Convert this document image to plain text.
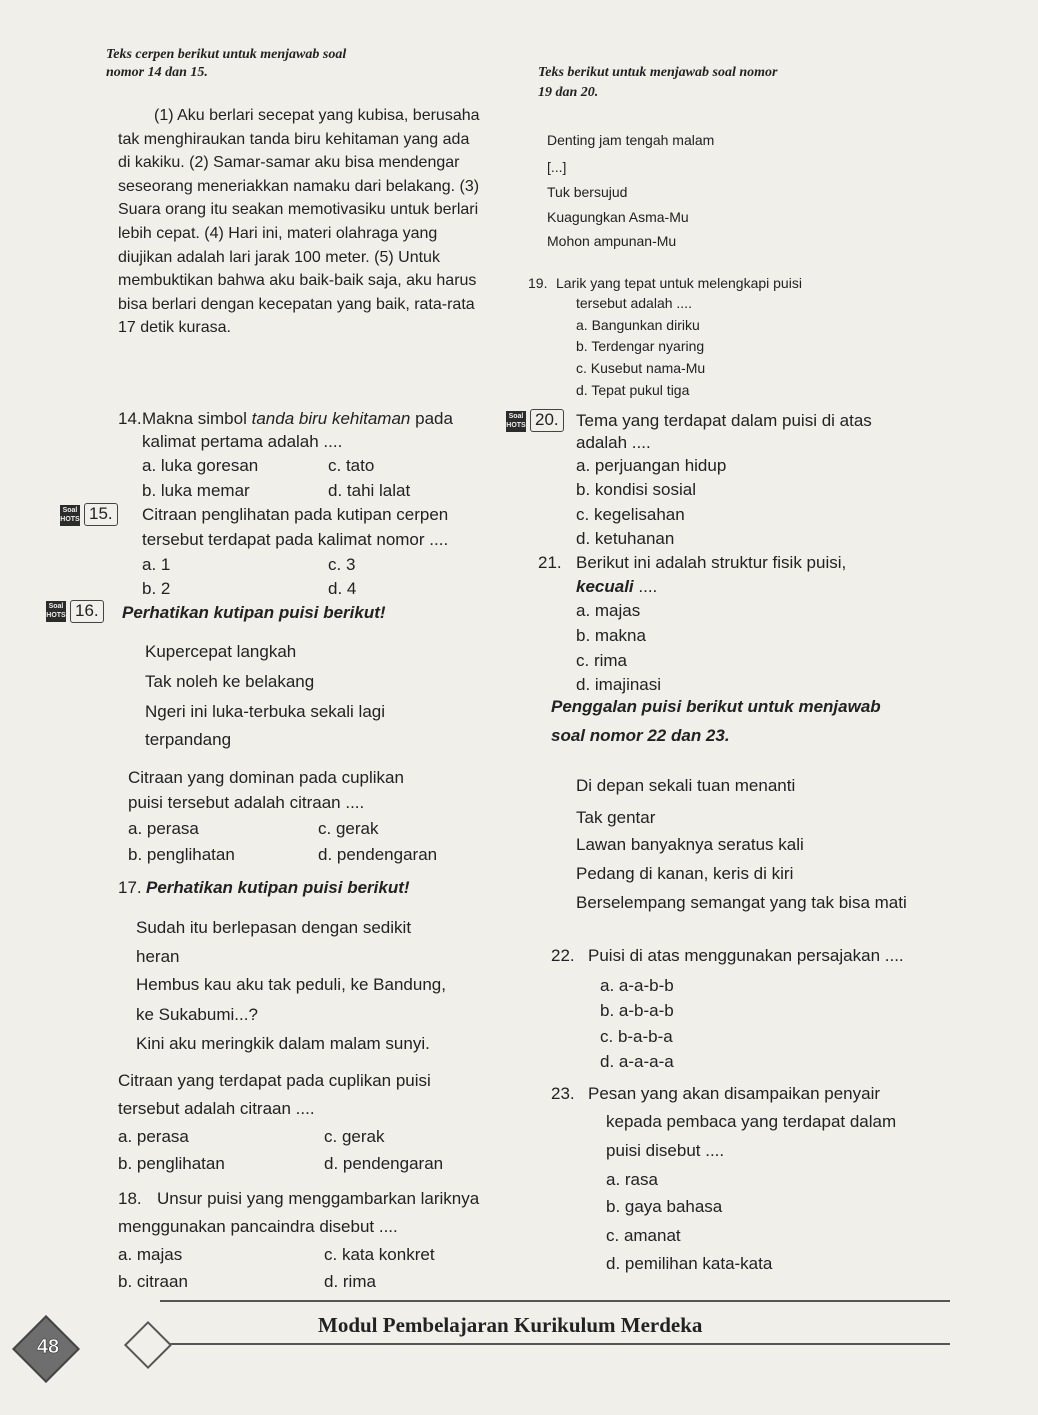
Teks cerpen berikut untuk menjawab soal
nomor 14 dan 15.	Teks berikut untuk menjawab soal nomor
19 dan 20.
(1) Aku berlari secepat yang kubisa, berusaha tak menghiraukan tanda biru kehitaman yang ada di kakiku. (2) Samar-samar aku bisa mendengar seseorang meneriakkan namaku dari belakang. (3) Suara orang itu seakan memotivasiku untuk berlari lebih cepat. (4) Hari ini, materi olahraga yang diujikan adalah lari jarak 100 meter. (5) Untuk membuktikan bahwa aku baik-baik saja, aku harus bisa berlari dengan kecepatan yang baik, rata-rata 17 detik kurasa.
Denting jam tengah malam
[...]
Tuk bersujud
Kuagungkan Asma-Mu
Mohon ampunan-Mu
19. Larik yang tepat untuk melengkapi puisi
tersebut adalah ....
a. Bangunkan diriku
b. Terdengar nyaring
c. Kusebut nama-Mu
d. Tepat pukul tiga
14. Makna simbol tanda biru kehitaman pada
kalimat pertama adalah ....
a. luka goresan
b. luka memar
c. tato
d. tahi lalat
Soal HOTS 20. Tema yang terdapat dalam puisi di atas
adalah ....
a. perjuangan hidup
b. kondisi sosial
c. kegelisahan
d. ketuhanan
Soal HOTS 15. Citraan penglihatan pada kutipan cerpen
tersebut terdapat pada kalimat nomor ....
a. 1
b. 2
c. 3
d. 4
21. Berikut ini adalah struktur fisik puisi,
kecuali ....
a. majas
b. makna
c. rima
d. imajinasi
Soal HOTS 16. Perhatikan kutipan puisi berikut!
Kupercepat langkah
Tak noleh ke belakang
Ngeri ini luka-terbuka sekali lagi
terpandang
Citraan yang dominan pada cuplikan
puisi tersebut adalah citraan ....
a. perasa
b. penglihatan
c. gerak
d. pendengaran
Penggalan puisi berikut untuk menjawab
soal nomor 22 dan 23.
Di depan sekali tuan menanti
Tak gentar
Lawan banyaknya seratus kali
Pedang di kanan, keris di kiri
Berselempang semangat yang tak bisa mati
17. Perhatikan kutipan puisi berikut!
Sudah itu berlepasan dengan sedikit
heran
Hembus kau aku tak peduli, ke Bandung,
ke Sukabumi...?
Kini aku meringkik dalam malam sunyi.
Citraan yang terdapat pada cuplikan puisi
tersebut adalah citraan ....
a. perasa
b. penglihatan
c. gerak
d. pendengaran
22. Puisi di atas menggunakan persajakan ....
a. a-a-b-b
b. a-b-a-b
c. b-a-b-a
d. a-a-a-a
23. Pesan yang akan disampaikan penyair
kepada pembaca yang terdapat dalam
puisi disebut ....
a. rasa
b. gaya bahasa
c. amanat
d. pemilihan kata-kata
18. Unsur puisi yang menggambarkan lariknya
menggunakan pancaindra disebut ....
a. majas
b. citraan
c. kata konkret
d. rima
48
Modul Pembelajaran Kurikulum Merdeka
